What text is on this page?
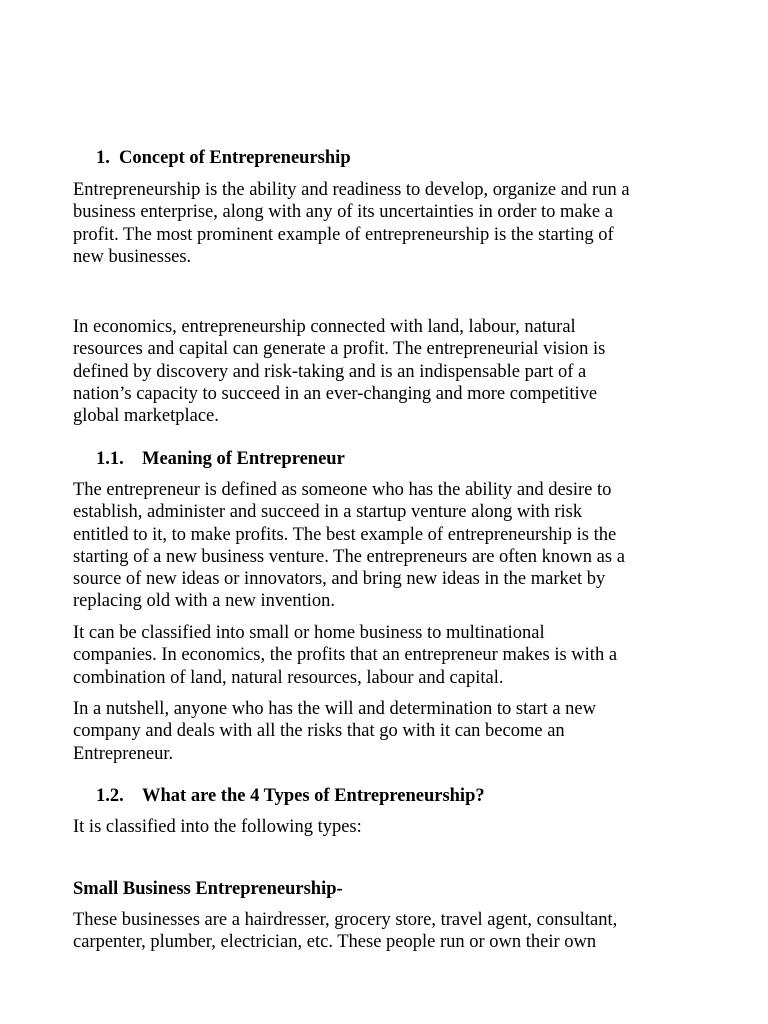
1. Concept of Entrepreneurship

Entrepreneurship is the ability and readiness to develop, organize and run a
business enterprise, along with any of its uncertainties in order to make a
profit. The most prominent example of entrepreneurship is the starting of
new businesses.

In economics, entrepreneurship connected with land, labour, natural
resources and capital can generate a profit. The entrepreneurial vision is
defined by discovery and risk-taking and is an indispensable part of a
nation’s capacity to succeed in an ever-changing and more competitive
global marketplace.

1.1. Meaning of Entrepreneur

The entrepreneur is defined as someone who has the ability and desire to
establish, administer and succeed in a startup venture along with risk
entitled to it, to make profits. The best example of entrepreneurship is the
starting of a new business venture. The entrepreneurs are often known as a
source of new ideas or innovators, and bring new ideas in the market by
replacing old with a new invention.

It can be classified into small or home business to multinational
companies. In economics, the profits that an entrepreneur makes is with a
combination of land, natural resources, labour and capital.

In a nutshell, anyone who has the will and determination to start a new
company and deals with all the risks that go with it can become an
Entrepreneur.

1.2. What are the 4 Types of Entrepreneurship?

It is classified into the following types:

Small Business Entrepreneurship-

These businesses are a hairdresser, grocery store, travel agent, consultant,
carpenter, plumber, electrician, etc. These people run or own their own
